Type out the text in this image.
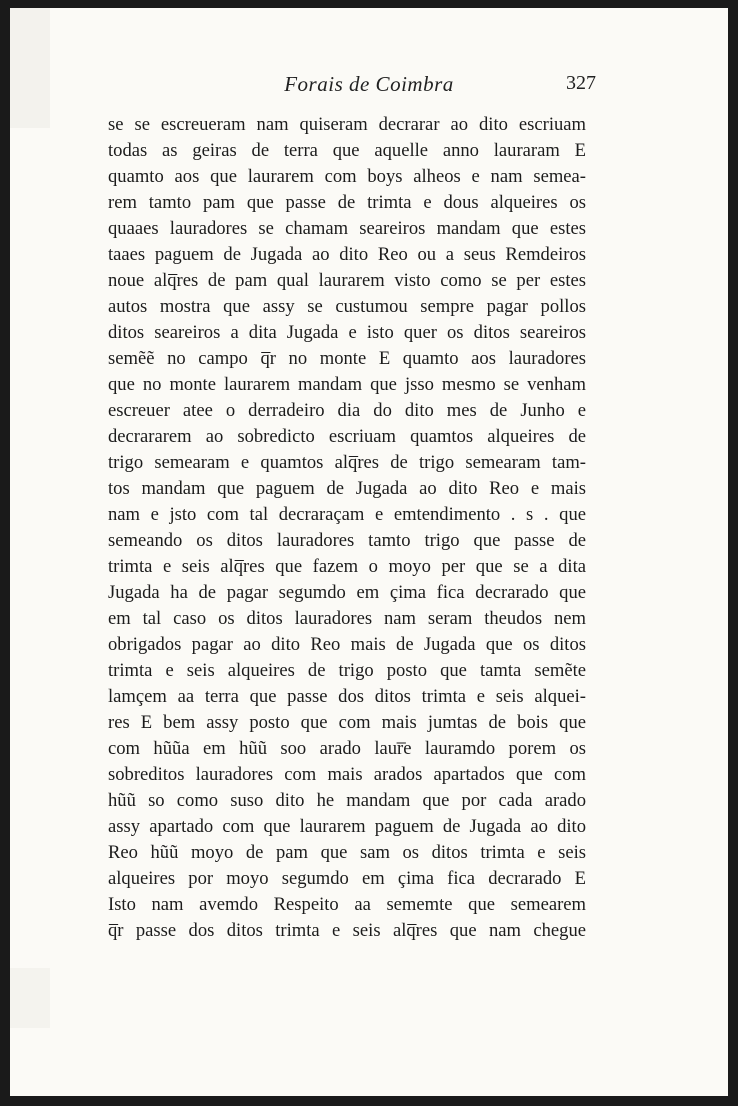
Forais de Coimbra	327
se se escreueram nam quiseram decrarar ao dito escriuam
todas as geiras de terra que aquelle anno lauraram E
quamto aos que laurarem com boys alheos e nam semea-
rem tamto pam que passe de trimta e dous alqueires os
quaaes lauradores se chamam seareiros mandam que estes
taaes paguem de Jugada ao dito Reo ou a seus Remdeiros
noue alq̅res de pam qual laurarem visto como se per estes
autos mostra que assy se custumou sempre pagar pollos
ditos seareiros a dita Jugada e isto quer os ditos seareiros
semẽẽ no campo q̅r no monte E quamto aos lauradores
que no monte laurarem mandam que jsso mesmo se venham
escreuer atee o derradeiro dia do dito mes de Junho e
decrararem ao sobredicto escriuam quamtos alqueires de
trigo semearam e quamtos alq̅res de trigo semearam tam-
tos mandam que paguem de Jugada ao dito Reo e mais
nam e jsto com tal decraraçam e emtendimento . s . que
semeando os ditos lauradores tamto trigo que passe de
trimta e seis alq̅res que fazem o moyo per que se a dita
Jugada ha de pagar segumdo em çima fica decrarado que
em tal caso os ditos lauradores nam seram theudos nem
obrigados pagar ao dito Reo mais de Jugada que os ditos
trimta e seis alqueires de trigo posto que tamta semẽte
lamçem aa terra que passe dos ditos trimta e seis alquei-
res E bem assy posto que com mais jumtas de bois que
com hũũa em hũũ soo arado laur̅e lauramdo porem os
sobreditos lauradores com mais arados apartados que com
hũũ so como suso dito he mandam que por cada arado
assy apartado com que laurarem paguem de Jugada ao dito
Reo hũũ moyo de pam que sam os ditos trimta e seis
alqueires por moyo segumdo em çima fica decrarado E
Isto nam avemdo Respeito aa sememte que semearem
q̅r passe dos ditos trimta e seis alq̅res que nam chegue
